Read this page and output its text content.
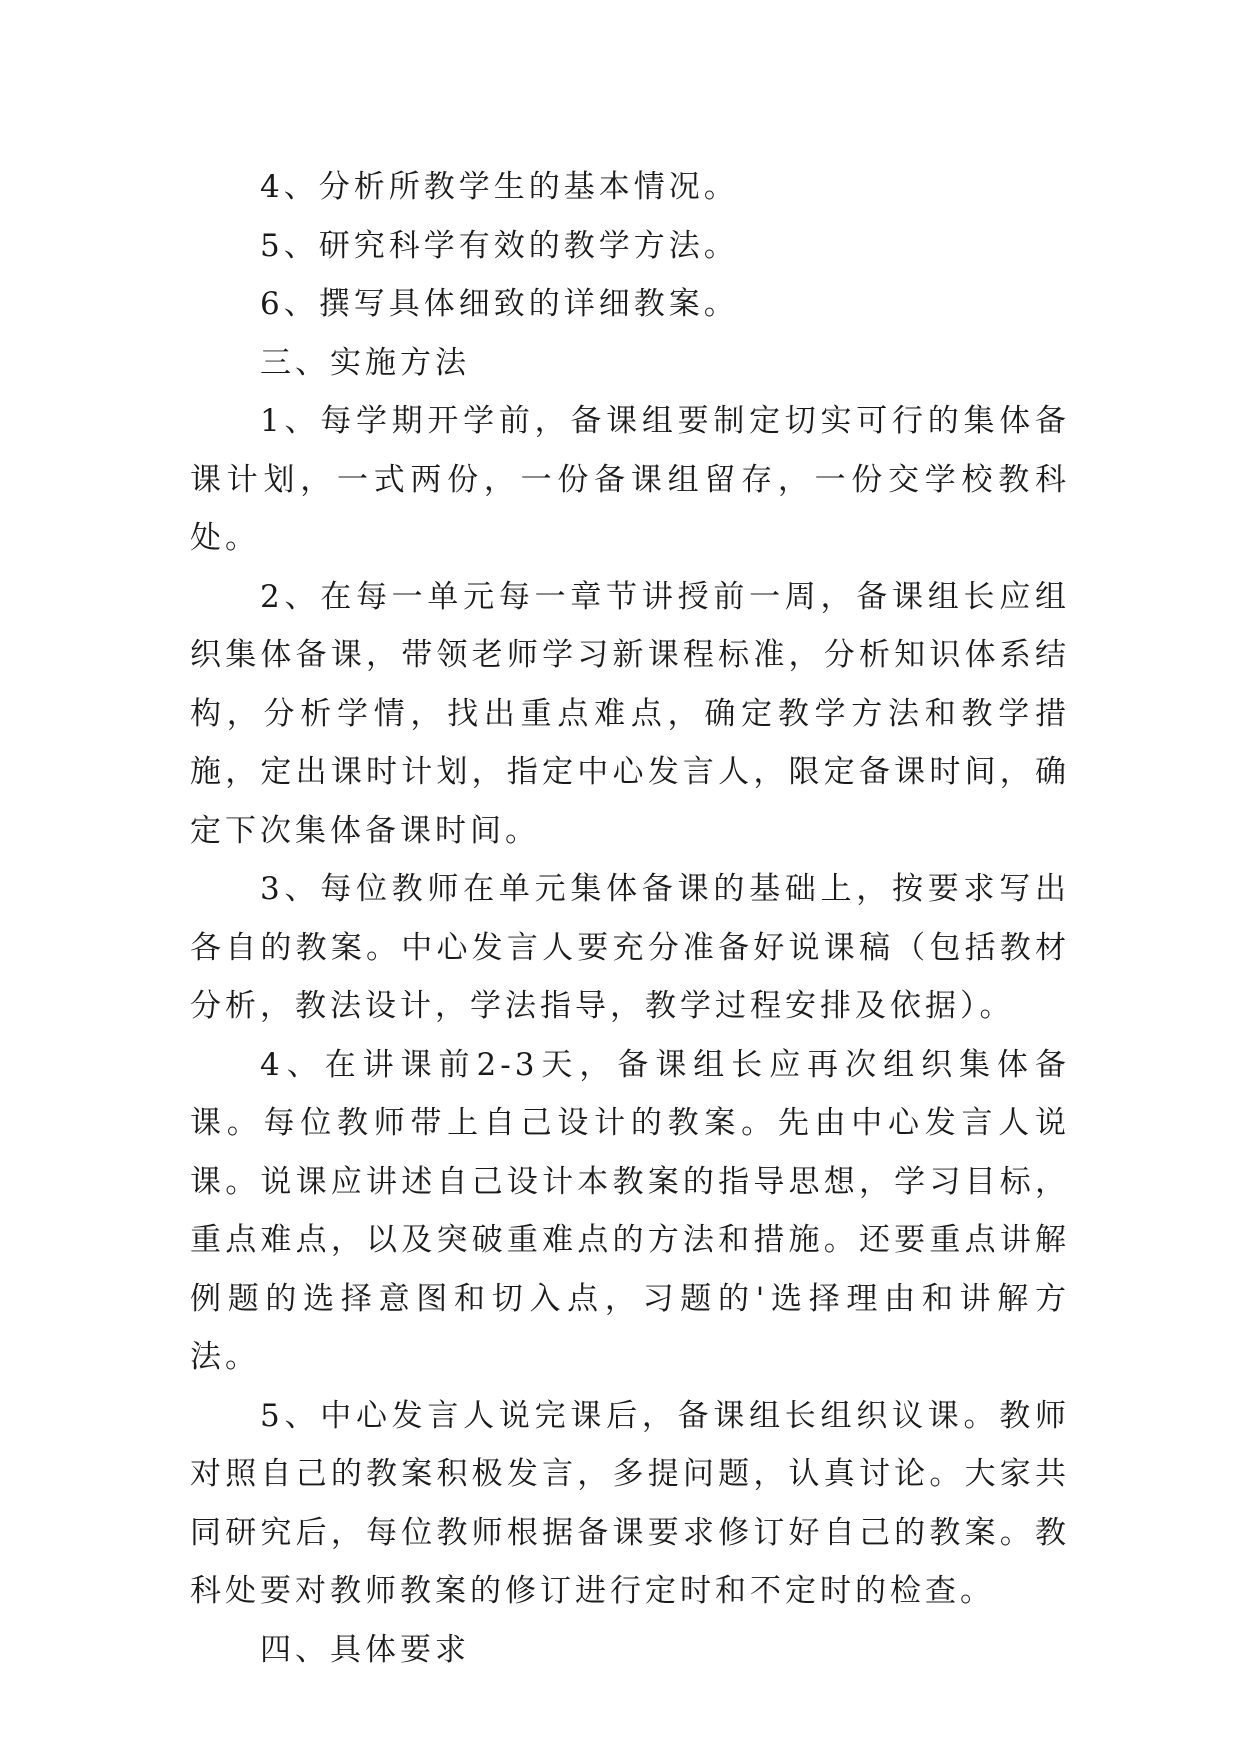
4、分析所教学生的基本情况。

5、研究科学有效的教学方法。

6、撰写具体细致的详细教案。

三、实施方法

1、每学期开学前，备课组要制定切实可行的集体备课计划，一式两份，一份备课组留存，一份交学校教科处。

2、在每一单元每一章节讲授前一周，备课组长应组织集体备课，带领老师学习新课程标准，分析知识体系结构，分析学情，找出重点难点，确定教学方法和教学措施，定出课时计划，指定中心发言人，限定备课时间，确定下次集体备课时间。

3、每位教师在单元集体备课的基础上，按要求写出各自的教案。中心发言人要充分准备好说课稿（包括教材分析，教法设计，学法指导，教学过程安排及依据）。

4、在讲课前2-3天，备课组长应再次组织集体备课。每位教师带上自己设计的教案。先由中心发言人说课。说课应讲述自己设计本教案的指导思想，学习目标，重点难点，以及突破重难点的方法和措施。还要重点讲解例题的选择意图和切入点，习题的'选择理由和讲解方法。

5、中心发言人说完课后，备课组长组织议课。教师对照自己的教案积极发言，多提问题，认真讨论。大家共同研究后，每位教师根据备课要求修订好自己的教案。教科处要对教师教案的修订进行定时和不定时的检查。

四、具体要求
